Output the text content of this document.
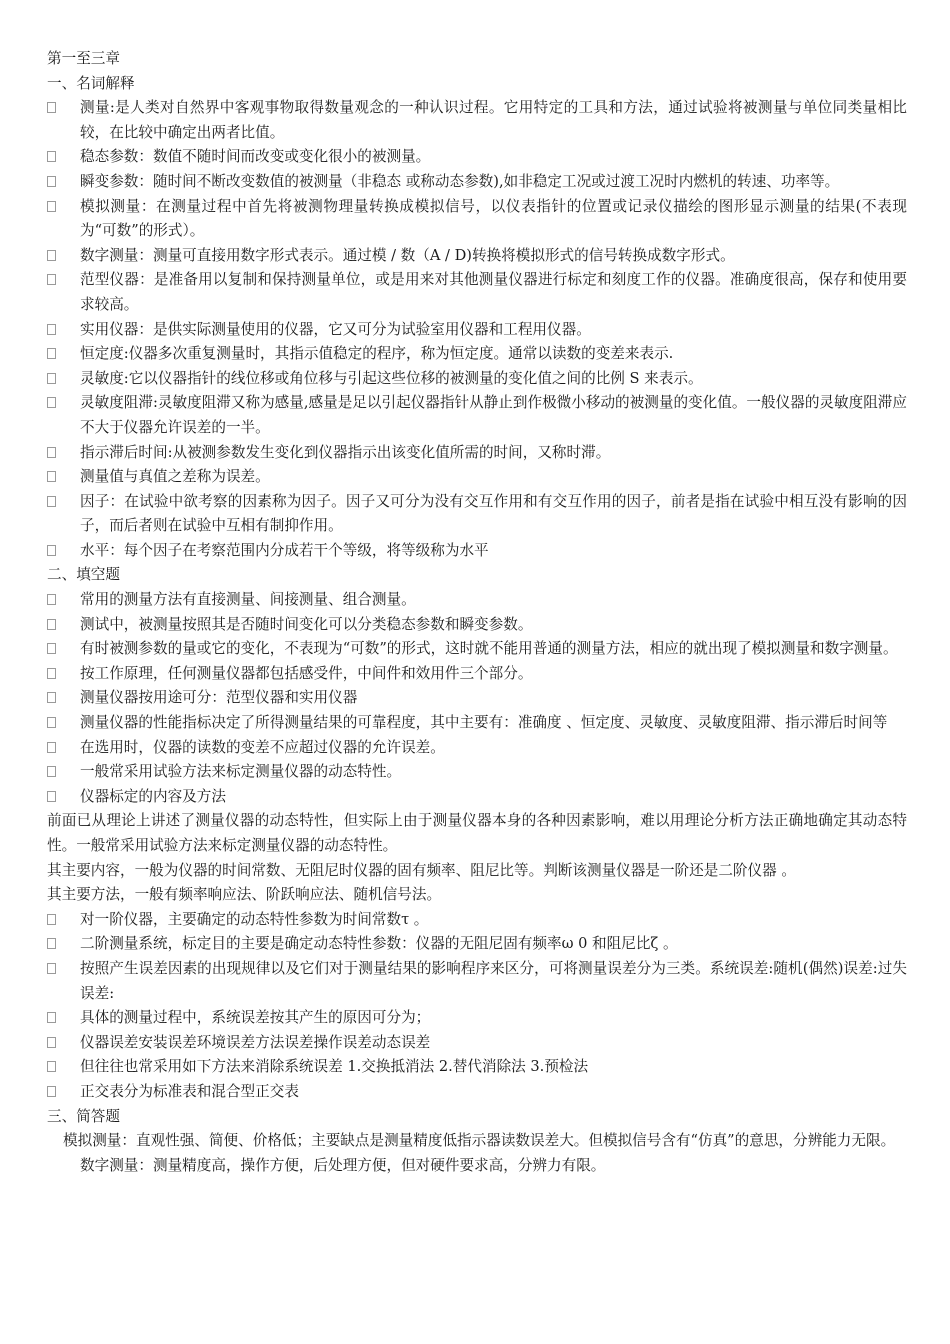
第一至三章

一、名词解释

测量:是人类对自然界中客观事物取得数量观念的一种认识过程。它用特定的工具和方法，通过试验将被测量与单位同类量相比较，在比较中确定出两者比值。

稳态参数：数值不随时间而改变或变化很小的被测量。

瞬变参数：随时间不断改变数值的被测量（非稳态 或称动态参数),如非稳定工况或过渡工况时内燃机的转速、功率等。

模拟测量：在测量过程中首先将被测物理量转换成模拟信号，以仪表指针的位置或记录仪描绘的图形显示测量的结果(不表现为“可数”的形式）。

数字测量：测量可直接用数字形式表示。通过模 / 数（A / D)转换将模拟形式的信号转换成数字形式。

范型仪器：是准备用以复制和保持测量单位，或是用来对其他测量仪器进行标定和刻度工作的仪器。准确度很高，保存和使用要求较高。

实用仪器：是供实际测量使用的仪器，它又可分为试验室用仪器和工程用仪器。

恒定度:仪器多次重复测量时，其指示值稳定的程序，称为恒定度。通常以读数的变差来表示.

灵敏度:它以仪器指针的线位移或角位移与引起这些位移的被测量的变化值之间的比例 S 来表示。

灵敏度阻滞:灵敏度阻滞又称为感量,感量是足以引起仪器指针从静止到作极微小移动的被测量的变化值。一般仪器的灵敏度阻滞应不大于仪器允许误差的一半。

指示滞后时间:从被测参数发生变化到仪器指示出该变化值所需的时间，又称时滞。

测量值与真值之差称为误差。

因子：在试验中欲考察的因素称为因子。因子又可分为没有交互作用和有交互作用的因子，前者是指在试验中相互没有影响的因子，而后者则在试验中互相有制抑作用。

水平：每个因子在考察范围内分成若干个等级，将等级称为水平

二、填空题

常用的测量方法有直接测量、间接测量、组合测量。

测试中，被测量按照其是否随时间变化可以分类稳态参数和瞬变参数。

有时被测参数的量或它的变化，不表现为“可数”的形式，这时就不能用普通的测量方法，相应的就出现了模拟测量和数字测量。

按工作原理，任何测量仪器都包括感受件，中间件和效用件三个部分。

测量仪器按用途可分：范型仪器和实用仪器

测量仪器的性能指标决定了所得测量结果的可靠程度，其中主要有：准确度 、恒定度、灵敏度、灵敏度阻滞、指示滞后时间等

在选用时，仪器的读数的变差不应超过仪器的允许误差。

一般常采用试验方法来标定测量仪器的动态特性。

仪器标定的内容及方法

前面已从理论上讲述了测量仪器的动态特性，但实际上由于测量仪器本身的各种因素影响，难以用理论分析方法正确地确定其动态特性。一般常采用试验方法来标定测量仪器的动态特性。

其主要内容，一般为仪器的时间常数、无阻尼时仪器的固有频率、阻尼比等。判断该测量仪器是一阶还是二阶仪器 。

其主要方法，一般有频率响应法、阶跃响应法、随机信号法。

对一阶仪器，主要确定的动态特性参数为时间常数τ 。

二阶测量系统，标定目的主要是确定动态特性参数：仪器的无阻尼固有频率ω 0 和阻尼比ζ 。

按照产生误差因素的出现规律以及它们对于测量结果的影响程序来区分，可将测量误差分为三类。系统误差:随机(偶然)误差:过失误差:

具体的测量过程中，系统误差按其产生的原因可分为；

仪器误差安装误差环境误差方法误差操作误差动态误差

但往往也常采用如下方法来消除系统误差 1.交换抵消法 2.替代消除法 3.预检法

正交表分为标准表和混合型正交表

三、简答题

模拟测量：直观性强、简便、价格低；主要缺点是测量精度低指示器读数误差大。但模拟信号含有“仿真”的意思，分辨能力无限。

数字测量：测量精度高，操作方便，后处理方便，但对硬件要求高，分辨力有限。
